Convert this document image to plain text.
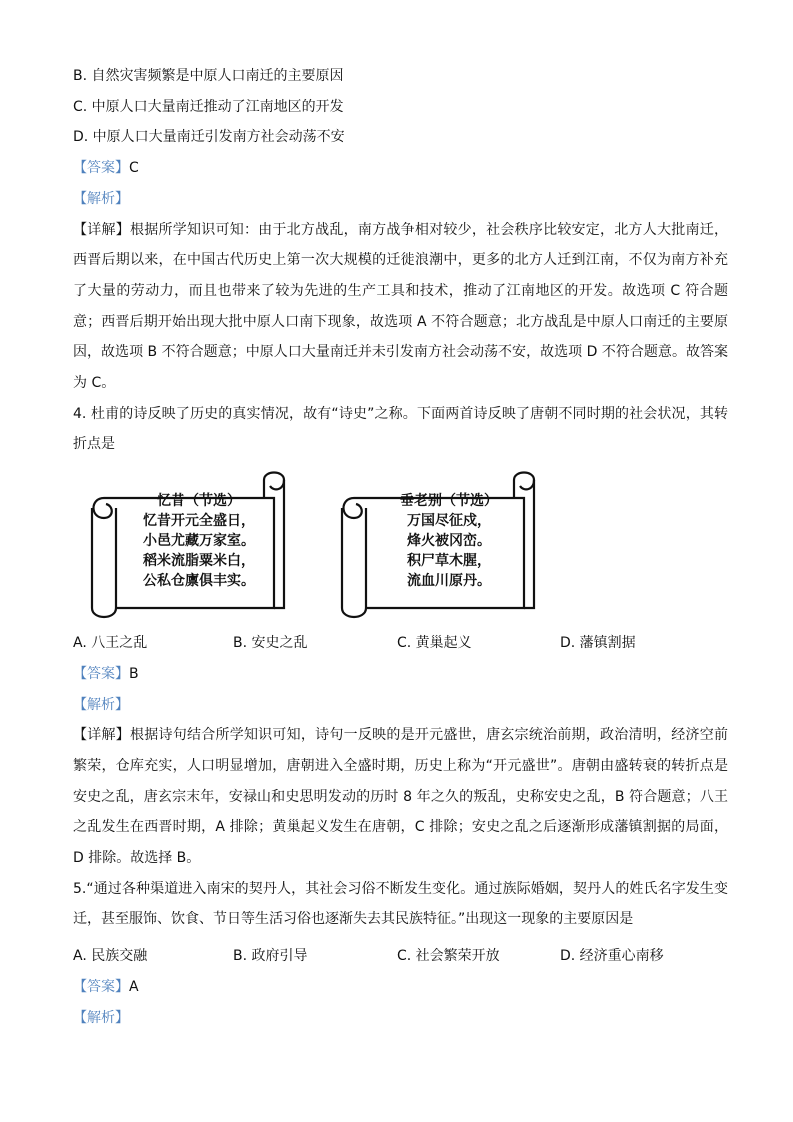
B. 自然灾害频繁是中原人口南迁的主要原因
C. 中原人口大量南迁推动了江南地区的开发
D. 中原人口大量南迁引发南方社会动荡不安
【答案】C
【解析】
【详解】根据所学知识可知：由于北方战乱，南方战争相对较少，社会秩序比较安定，北方人大批南迁，西晋后期以来，在中国古代历史上第一次大规模的迁徙浪潮中，更多的北方人迁到江南，不仅为南方补充了大量的劳动力，而且也带来了较为先进的生产工具和技术，推动了江南地区的开发。故选项 C 符合题意；西晋后期开始出现大批中原人口南下现象，故选项 A 不符合题意；北方战乱是中原人口南迁的主要原因，故选项 B 不符合题意；中原人口大量南迁并未引发南方社会动荡不安，故选项 D 不符合题意。故答案为 C。
4. 杜甫的诗反映了历史的真实情况，故有“诗史”之称。下面两首诗反映了唐朝不同时期的社会状况，其转折点是
忆昔（节选）
忆昔开元全盛日，
小邑尤藏万家室。
稻米流脂粟米白，
公私仓廪俱丰实。
垂老别（节选）
万国尽征戍，
烽火被冈峦。
积尸草木腥，
流血川原丹。
A. 八王之乱	B. 安史之乱	C. 黄巢起义	D. 藩镇割据
【答案】B
【解析】
【详解】根据诗句结合所学知识可知，诗句一反映的是开元盛世，唐玄宗统治前期，政治清明，经济空前繁荣，仓库充实，人口明显增加，唐朝进入全盛时期，历史上称为“开元盛世”。唐朝由盛转衰的转折点是安史之乱，唐玄宗末年，安禄山和史思明发动的历时 8 年之久的叛乱，史称安史之乱，B 符合题意；八王之乱发生在西晋时期，A 排除；黄巢起义发生在唐朝，C 排除；安史之乱之后逐渐形成藩镇割据的局面，D 排除。故选择 B。
5.“通过各种渠道进入南宋的契丹人，其社会习俗不断发生变化。通过族际婚姻，契丹人的姓氏名字发生变迁，甚至服饰、饮食、节日等生活习俗也逐渐失去其民族特征。”出现这一现象的主要原因是
A. 民族交融	B. 政府引导	C. 社会繁荣开放	D. 经济重心南移
【答案】A
【解析】
